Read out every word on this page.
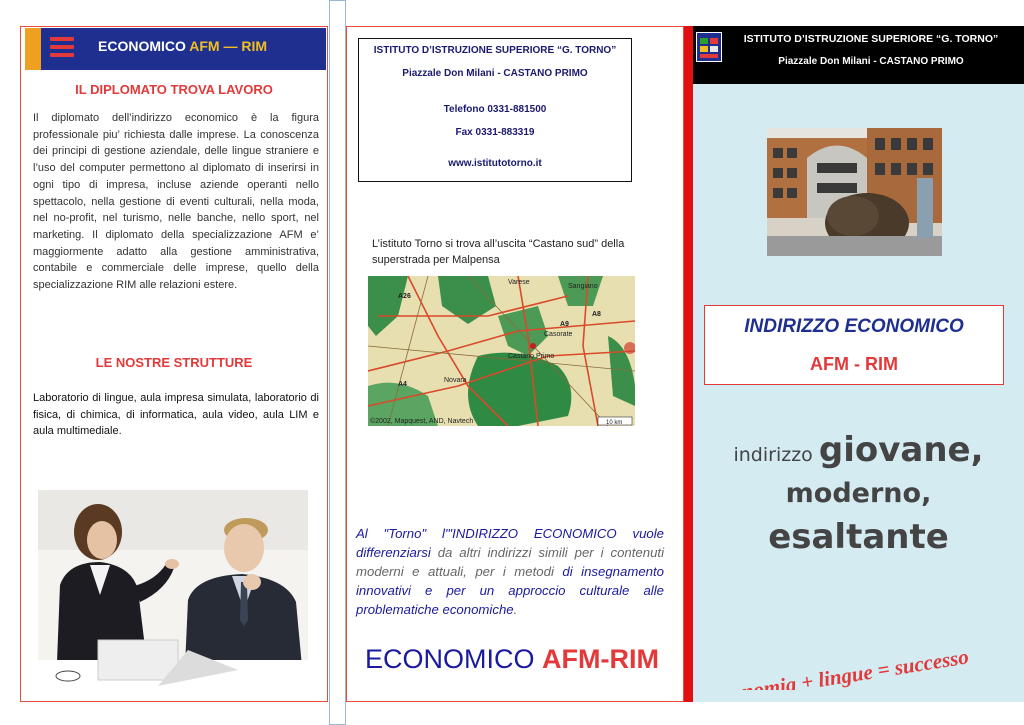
ECONOMICO AFM — RIM
IL DIPLOMATO TROVA LAVORO
Il diplomato dell’indirizzo economico è la figura professionale piu’ richiesta dalle imprese. La conoscenza dei principi di gestione aziendale, delle lingue straniere e l’uso del computer permettono al diplomato di inserirsi in ogni tipo di impresa, incluse aziende operanti nello spettacolo, nella gestione di eventi culturali, nella moda, nel no-profit, nel turismo, nelle banche, nello sport, nel marketing. Il diplomato della specializzazione AFM e’ maggiormente adatto alla gestione amministrativa, contabile e commerciale delle imprese, quello della specializzazione RIM alle relazioni estere.
LE NOSTRE STRUTTURE
Laboratorio di lingue, aula impresa simulata, laboratorio di fisica, di chimica, di informatica, aula video, aula LIM e aula multimediale.
ISTITUTO D’ISTRUZIONE SUPERIORE “G. TORNO”
Piazzale Don Milani - CASTANO PRIMO
Telefono 0331-881500
Fax 0331-883319
www.istitutotorno.it
L’istituto Torno si trova all’uscita “Castano sud” della superstrada per Malpensa
Varese
Sangiano
Casorate
Castano Primo
Novara
A8
A9
A4
A26
©2002, Mapquest, AND, Navtech	10 km
Al "Torno" l'"INDIRIZZO ECONOMICO vuole differenziarsi da altri indirizzi simili per i contenuti moderni e attuali, per i metodi di insegnamento innovativi e per un approccio culturale alle problematiche economiche.
ECONOMICO AFM-RIM
ISTITUTO D’ISTRUZIONE SUPERIORE “G. TORNO”
Piazzale Don Milani - CASTANO PRIMO
INDIRIZZO ECONOMICO
AFM - RIM
indirizzo giovane,
moderno,
esaltante
economia + lingue = successo
